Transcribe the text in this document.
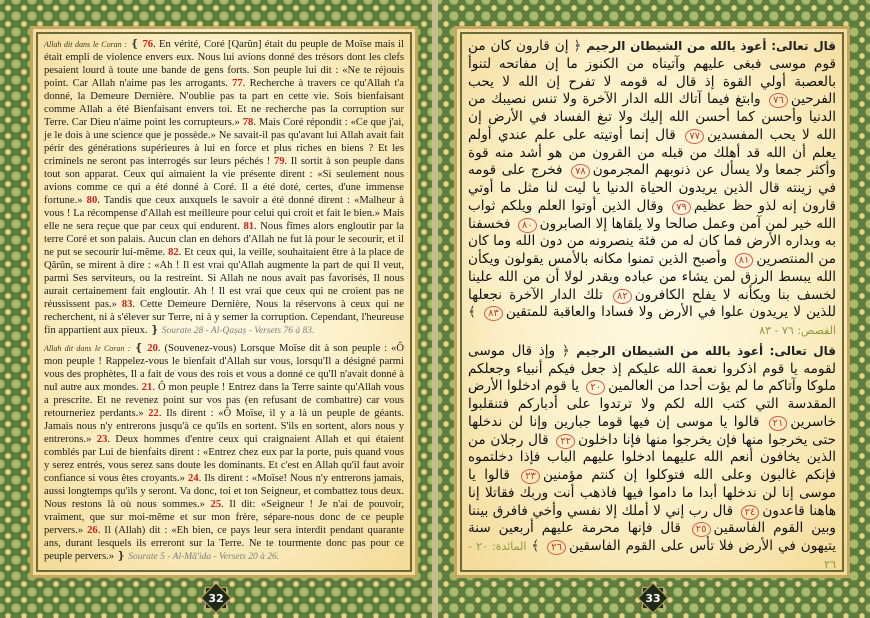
Allah dit dans le Coran : ❴ 76. En vérité, Coré [Qarûn] était du peuple de Moïse mais il était empli de violence envers eux. Nous lui avions donné des trésors dont les clefs pesaient lourd à toute une bande de gens forts. Son peuple lui dit : «Ne te réjouis point. Car Allah n'aime pas les arrogants. 77. Recherche à travers ce qu'Allah t'a donné, la Demeure Dernière. N'oublie pas ta part en cette vie. Sois bienfaisant comme Allah a été Bienfaisant envers toi. Et ne recherche pas la corruption sur Terre. Car Dieu n'aime point les corrupteurs.» 78. Mais Coré répondit : «Ce que j'ai, je le dois à une science que je possède.» Ne savait-il pas qu'avant lui Allah avait fait périr des générations supérieures à lui en force et plus riches en biens ? Et les criminels ne seront pas interrogés sur leurs péchés ! 79. Il sortit à son peuple dans tout son apparat. Ceux qui aimaient la vie présente dirent : «Si seulement nous avions comme ce qui a été donné à Coré. Il a été doté, certes, d'une immense fortune.» 80. Tandis que ceux auxquels le savoir a été donné dirent : «Malheur à vous ! La récompense d'Allah est meilleure pour celui qui croit et fait le bien.» Mais elle ne sera reçue que par ceux qui endurent. 81. Nous fîmes alors engloutir par la terre Coré et son palais. Aucun clan en dehors d'Allah ne fut là pour le secourir, et il ne put se secourir lui-même. 82. Et ceux qui, la veille, souhaitaient être à la place de Qârûn, se mirent à dire : «Ah ! Il est vrai qu'Allah augmente la part de qui Il veut, parmi Ses serviteurs, ou la restreint. Si Allah ne nous avait pas favorisés, Il nous aurait certainement fait engloutir. Ah ! Il est vrai que ceux qui ne croient pas ne réussissent pas.» 83. Cette Demeure Dernière, Nous la réservons à ceux qui ne recherchent, ni à s'élever sur Terre, ni à y semer la corruption. Cependant, l'heureuse fin appartient aux pieux. ❵ Sourate 28 - Al-Qaṣaṣ - Versets 76 à 83.

Allah dit dans le Coran : ❴ 20. (Souvenez-vous) Lorsque Moïse dit à son peuple : «Ô mon peuple ! Rappelez-vous le bienfait d'Allah sur vous, lorsqu'Il a désigné parmi vous des prophètes, Il a fait de vous des rois et vous a donné ce qu'Il n'avait donné à nul autre aux mondes. 21. Ô mon peuple ! Entrez dans la Terre sainte qu'Allah vous a prescrite. Et ne revenez point sur vos pas (en refusant de combattre) car vous retourneriez perdants.» 22. Ils dirent : «Ô Moïse, il y a là un peuple de géants. Jamais nous n'y entrerons jusqu'à ce qu'ils en sortent. S'ils en sortent, alors nous y entrerons.» 23. Deux hommes d'entre ceux qui craignaient Allah et qui étaient comblés par Lui de bienfaits dirent : «Entrez chez eux par la porte, puis quand vous y serez entrés, vous serez sans doute les dominants. Et c'est en Allah qu'il faut avoir confiance si vous êtes croyants.» 24. Ils dirent : «Moïse! Nous n'y entrerons jamais, aussi longtemps qu'ils y seront. Va donc, toi et ton Seigneur, et combattez tous deux. Nous restons là où nous sommes.» 25. Il dit: «Seigneur ! Je n'ai de pouvoir, vraiment, que sur moi-même et sur mon frère, sépare-nous donc de ce peuple pervers.» 26. Il (Allah) dit : «Eh bien, ce pays leur sera interdit pendant quarante ans, durant lesquels ils erreront sur la Terre. Ne te tourmente donc pas pour ce peuple pervers.» ❵ Sourate 5 - Al-Mâ'ida - Versets 20 à 26.

32

قال تعالى: أعوذ بالله من الشيطان الرجيم ﴿ إن قارون كان من قوم موسى فبغى عليهم وآتيناه من الكنوز ما إن مفاتحه لتنوأ بالعصبة أولي القوة إذ قال له قومه لا تفرح إن الله لا يحب الفرحين٧٦ وابتغ فيما آتاك الله الدار الآخرة ولا تنس نصيبك من الدنيا وأحسن كما أحسن الله إليك ولا تبغ الفساد في الأرض إن الله لا يحب المفسدين٧٧ قال إنما أوتيته على علم عندي أولم يعلم أن الله قد أهلك من قبله من القرون من هو أشد منه قوة وأكثر جمعا ولا يسأل عن ذنوبهم المجرمون٧٨ فخرج على قومه في زينته قال الذين يريدون الحياة الدنيا يا ليت لنا مثل ما أوتي قارون إنه لذو حظ عظيم٧٩ وقال الذين أوتوا العلم ويلكم ثواب الله خير لمن آمن وعمل صالحا ولا يلقاها إلا الصابرون٨٠ فخسفنا به وبداره الأرض فما كان له من فئة ينصرونه من دون الله وما كان من المنتصرين٨١ وأصبح الذين تمنوا مكانه بالأمس يقولون ويكأن الله يبسط الرزق لمن يشاء من عباده ويقدر لولا أن من الله علينا لخسف بنا ويكأنه لا يفلح الكافرون٨٢ تلك الدار الآخرة نجعلها للذين لا يريدون علوا في الأرض ولا فسادا والعاقبة للمتقين٨٣ ﴾ القصص: ٧٦ - ٨٣

قال تعالى: أعوذ بالله من الشيطان الرجيم ﴿ وإذ قال موسى لقومه يا قوم اذكروا نعمة الله عليكم إذ جعل فيكم أنبياء وجعلكم ملوكا وآتاكم ما لم يؤت أحدا من العالمين٢٠ يا قوم ادخلوا الأرض المقدسة التي كتب الله لكم ولا ترتدوا على أدباركم فتنقلبوا خاسرين٢١ قالوا يا موسى إن فيها قوما جبارين وإنا لن ندخلها حتى يخرجوا منها فإن يخرجوا منها فإنا داخلون٢٢ قال رجلان من الذين يخافون أنعم الله عليهما ادخلوا عليهم الباب فإذا دخلتموه فإنكم غالبون وعلى الله فتوكلوا إن كنتم مؤمنين٢٣ قالوا يا موسى إنا لن ندخلها أبدا ما داموا فيها فاذهب أنت وربك فقاتلا إنا هاهنا قاعدون٢٤ قال رب إني لا أملك إلا نفسي وأخي فافرق بيننا وبين القوم الفاسقين٢٥ قال فإنها محرمة عليهم أربعين سنة يتيهون في الأرض فلا تأس على القوم الفاسقين٢٦ ﴾ المائدة: ٢٠ - ٢٦

33
